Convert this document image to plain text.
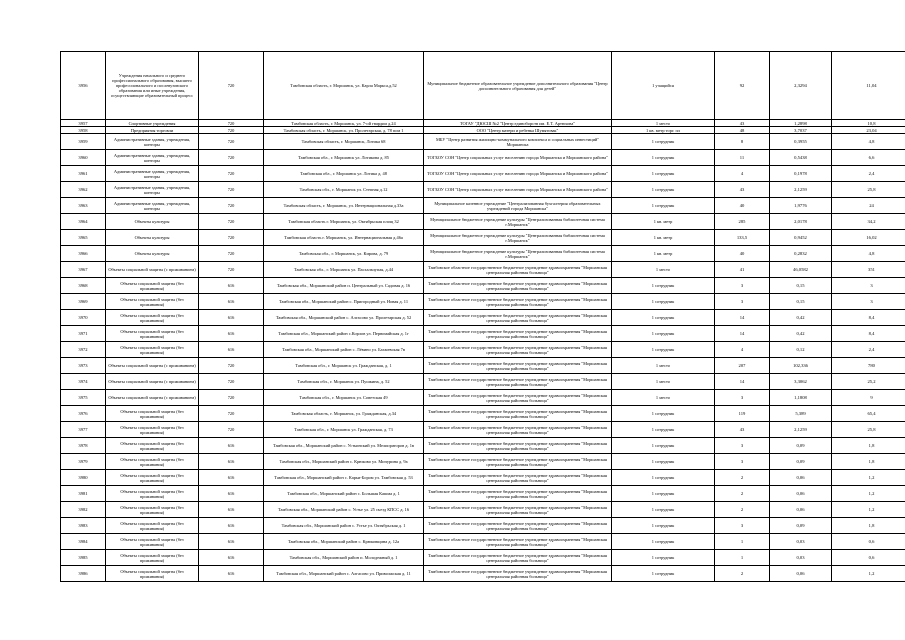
3956	Учреждения начального и среднего профессионального образования, высшего профессионального и послевузовского образования или иные учреждения, осуществляющие образовательный процесс	720	Тамбовская область, г. Моршанск, ул. Карла Маркса,д.52	Муниципальное бюджетное образовательное учреждение дополнительного образования "Центр дополнительного образования для детей"	1 учащийся	92	2,3294	11,04
3957	Спортивные учреждения	720	Тамбовская область, г. Моршанск, ул. 7-ой гвардии д.24	ТОГАУ "ДЮСШ №2 "Центр единоборств им. Е.Т. Артюхова"	1 место	43	1,2898	10,8
3958	Предприятия торговли	720	Тамбовская область, г. Моршанск, ул. Пролетарская, д. 78 пом 1	ООО "Центр матери и ребенка Шумятовак"	1 кв. метр торг. пл	48	3,7037	23,04
3959	Административные здания, учреждения, конторы	720	Тамбовская область, г. Моршанск, Лотика 68	МБУ "Центр развития жилищно-коммунального комплекса и социальных инвестиций" Моршанска	1 сотрудник	8	0,3955	4,8
3960	Административные здания, учреждения, конторы	720	Тамбовская обл., г. Моршанск ул. Лотикова д. 85	ТОГБОУ СОН "Центр социальных услуг населению города Моршанска и Моршанского района"	1 сотрудник	11	0,5438	6,6
3961	Административные здания, учреждения, конторы	720	Тамбовская обл., г. Моршанск ул. Лотика д. 48	ТОГБОУ СОН "Центр социальных услуг населению города Моршанска и Моршанского района"	1 сотрудник	4	0,1978	2,4
3962	Административные здания, учреждения, конторы	720	Тамбовская обл., г. Моршанск ул. Степная д.12	ТОГБОУ СОН "Центр социальных услуг населению города Моршанска и Моршанского района"	1 сотрудник	43	2,1259	25,8
3963	Административные здания, учреждения, конторы	720	Тамбовская область, г. Моршанск, ул. Интернациональная д.33а	Муниципальное казенное учреждение "Централизованная бухгалтерия образовательных учреждений города Моршанска"	1 сотрудник	40	1,9776	24
3964	Объекты культуры	720	Тамбовская область г. Моршанск, ул. Октябрьская площ 32	Муниципальное бюджетное учреждение культуры "Централизованная библиотечная система г.Моршанск"	1 кв. метр	285	2,0178	34,2
3965	Объекты культуры	720	Тамбовская область г. Моршанск, ул. Интернациональная д.46а	Муниципальное бюджетное учреждение культуры "Централизованная библиотечная система г.Моршанск"	1 кв. метр	133,5	0,9452	16,02
3966	Объекты культуры	720	Тамбовская обл., г. Моршанск, ул. Кирова, д. 79	Муниципальное бюджетное учреждение культуры "Централизованная библиотечная система г.Моршанск"	1 кв. метр	40	0,2832	4,8
3967	Объекты социальной защиты (с проживанием)	720	Тамбовская обл., г. Моршанск ул. Пасхальчупая, д.44	Тамбовское областное государственное бюджетное учреждение здравоохранения "Моршанская центральная районная больница"	1 место	41	46,0582	351
3968	Объекты социальной защиты (без проживания)	616	Тамбовская обл., Моршанский район п. Центральный ул. Садовая д. 16	Тамбовское областное государственное бюджетное учреждение здравоохранения "Моршанская центральная районная больница"	1 сотрудник	3	0,15	3
3969	Объекты социальной защиты (без проживания)	616	Тамбовская обл., Моршанский район с. Пригородный ул. Новая д. 11	Тамбовское областное государственное бюджетное учреждение здравоохранения "Моршанская центральная районная больница"	1 сотрудник	3	0,15	3
3970	Объекты социальной защиты (без проживания)	616	Тамбовская обл., Моршанский район с. Алгасово ул. Пролетарская д. 52	Тамбовское областное государственное бюджетное учреждение здравоохранения "Моршанская центральная районная больница"	1 сотрудник	14	0,42	8,4
3971	Объекты социальной защиты (без проживания)	616	Тамбовская обл., Моршанский район с.Корлов ул. Первомайская д. 1г	Тамбовское областное государственное бюджетное учреждение здравоохранения "Моршанская центральная районная больница"	1 сотрудник	14	0,42	8,4
3972	Объекты социальной защиты (без проживания)	616	Тамбовская обл., Моршанский район с. Лёвино ул. Бахмевская 7в	Тамбовское областное государственное бюджетное учреждение здравоохранения "Моршанская центральная районная больница"	1 сотрудник	4	0,12	2,4
3973	Объекты социальной защиты (с проживанием)	720	Тамбовская обл., г. Моршанск ул. Гражданская, д. 1	Тамбовское областное государственное бюджетное учреждение здравоохранения "Моршанская центральная районная больница"	1 место	207	102,336	780
3974	Объекты социальной защиты (с проживанием)	720	Тамбовская обл., г. Моршанск ул. Пушкина, д. 52	Тамбовское областное государственное бюджетное учреждение здравоохранения "Моршанская центральная районная больница"	1 место	14	3,3062	25,2
3975	Объекты социальной защиты (с проживанием)	720	Тамбовская обл., г. Моршанск ул. Советская 49	Тамбовское областное государственное бюджетное учреждение здравоохранения "Моршанская центральная районная больница"	1 место	3	1,1808	9
3976	Объекты социальной защиты (без проживания)	720	Тамбовская область, г. Моршанск, ул. Гражданская, д.34	Тамбовское областное государственное бюджетное учреждение здравоохранения "Моршанская центральная районная больница"	1 сотрудник	119	5,389	65,4
3977	Объекты социальной защиты (без проживания)	720	Тамбовская обл., г. Моршанск ул. Гражданская, д. 73	Тамбовское областное государственное бюджетное учреждение здравоохранения "Моршанская центральная районная больница"	1 сотрудник	43	2,1259	25,8
3978	Объекты социальной защиты (без проживания)	616	Тамбовская обл., Моршанский район с. Устьинский ул. Мелиораторов д. 1в	Тамбовское областное государственное бюджетное учреждение здравоохранения "Моршанская центральная районная больница"	1 сотрудник	3	0,09	1,8
3979	Объекты социальной защиты (без проживания)	616	Тамбовская обл., Моршанский район с. Крюково ул. Мичурина д. 9а	Тамбовское областное государственное бюджетное учреждение здравоохранения "Моршанская центральная районная больница"	1 сотрудник	3	0,09	1,8
3980	Объекты социальной защиты (без проживания)	616	Тамбовская обл., Моршанский район с. Карьи-Бором ул. Тамбовская д. 53	Тамбовское областное государственное бюджетное учреждение здравоохранения "Моршанская центральная районная больница"	1 сотрудник	2	0,06	1,2
3981	Объекты социальной защиты (без проживания)	616	Тамбовская обл., Моршанский район с. Большая Кашма д. 1	Тамбовское областное государственное бюджетное учреждение здравоохранения "Моршанская центральная районная больница"	1 сотрудник	2	0,06	1,2
3982	Объекты социальной защиты (без проживания)	616	Тамбовская обл., Моршанский район с. Устье ул. 25 съезд КПСС д. 16	Тамбовское областное государственное бюджетное учреждение здравоохранения "Моршанская центральная районная больница"	1 сотрудник	2	0,06	1,2
3983	Объекты социальной защиты (без проживания)	616	Тамбовская обл., Моршанский район с. Устье ул. Октябрьская д. 1	Тамбовское областное государственное бюджетное учреждение здравоохранения "Моршанская центральная районная больница"	1 сотрудник	3	0,09	1,8
3984	Объекты социальной защиты (без проживания)	616	Тамбовская обл., Моршанский район с. Крюковщина д. 12а	Тамбовское областное государственное бюджетное учреждение здравоохранения "Моршанская центральная районная больница"	1 сотрудник	1	0,03	0,6
3985	Объекты социальной защиты (без проживания)	616	Тамбовская обл., Моршанский район п. Молодежный д. 1	Тамбовское областное государственное бюджетное учреждение здравоохранения "Моршанская центральная районная больница"	1 сотрудник	1	0,03	0,6
3986	Объекты социальной защиты (без проживания)	616	Тамбовская обл., Моршанский район с. Алгасово ул. Приволжская д. 11	Тамбовское областное государственное бюджетное учреждение здравоохранения "Моршанская центральная районная больница"	1 сотрудник	2	0,06	1,2
